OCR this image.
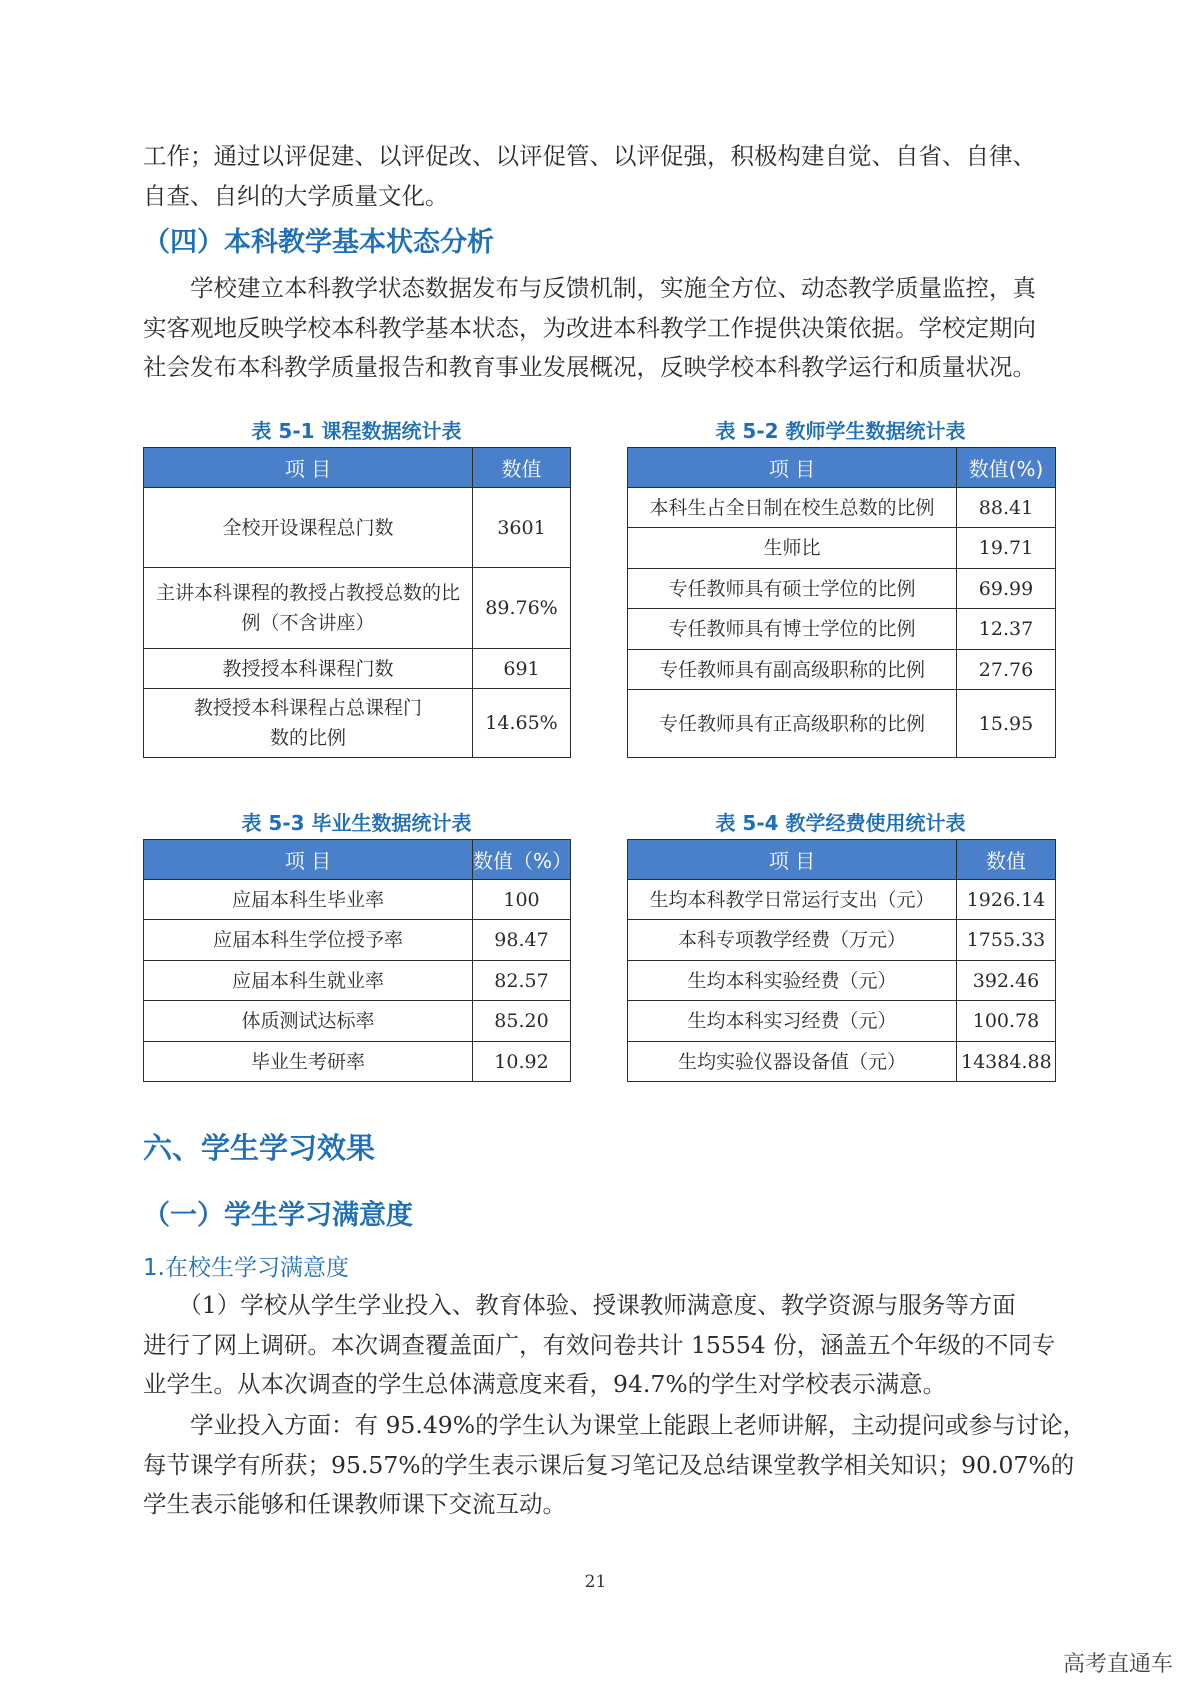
工作；通过以评促建、以评促改、以评促管、以评促强，积极构建自觉、自省、自律、
自查、自纠的大学质量文化。
（四）本科教学基本状态分析
　　学校建立本科教学状态数据发布与反馈机制，实施全方位、动态教学质量监控，真
实客观地反映学校本科教学基本状态，为改进本科教学工作提供决策依据。学校定期向
社会发布本科教学质量报告和教育事业发展概况，反映学校本科教学运行和质量状况。
表 5-1 课程数据统计表
项 目	数值
全校开设课程总门数	3601
主讲本科课程的教授占教授总数的比例（不含讲座）	89.76%
教授授本科课程门数	691
教授授本科课程占总课程门数的比例	14.65%
表 5-2 教师学生数据统计表
项 目	数值(%)
本科生占全日制在校生总数的比例	88.41
生师比	19.71
专任教师具有硕士学位的比例	69.99
专任教师具有博士学位的比例	12.37
专任教师具有副高级职称的比例	27.76
专任教师具有正高级职称的比例	15.95
表 5-3 毕业生数据统计表
项 目	数值（%）
应届本科生毕业率	100
应届本科生学位授予率	98.47
应届本科生就业率	82.57
体质测试达标率	85.20
毕业生考研率	10.92
表 5-4 教学经费使用统计表
项 目	数值
生均本科教学日常运行支出（元）	1926.14
本科专项教学经费（万元）	1755.33
生均本科实验经费（元）	392.46
生均本科实习经费（元）	100.78
生均实验仪器设备值（元）	14384.88
六、学生学习效果
（一）学生学习满意度
1.在校生学习满意度
　　（1）学校从学生学业投入、教育体验、授课教师满意度、教学资源与服务等方面
进行了网上调研。本次调查覆盖面广，有效问卷共计 15554 份，涵盖五个年级的不同专
业学生。从本次调查的学生总体满意度来看，94.7%的学生对学校表示满意。
　　学业投入方面：有 95.49%的学生认为课堂上能跟上老师讲解，主动提问或参与讨论，
每节课学有所获；95.57%的学生表示课后复习笔记及总结课堂教学相关知识；90.07%的
学生表示能够和任课教师课下交流互动。
21
高考直通车
